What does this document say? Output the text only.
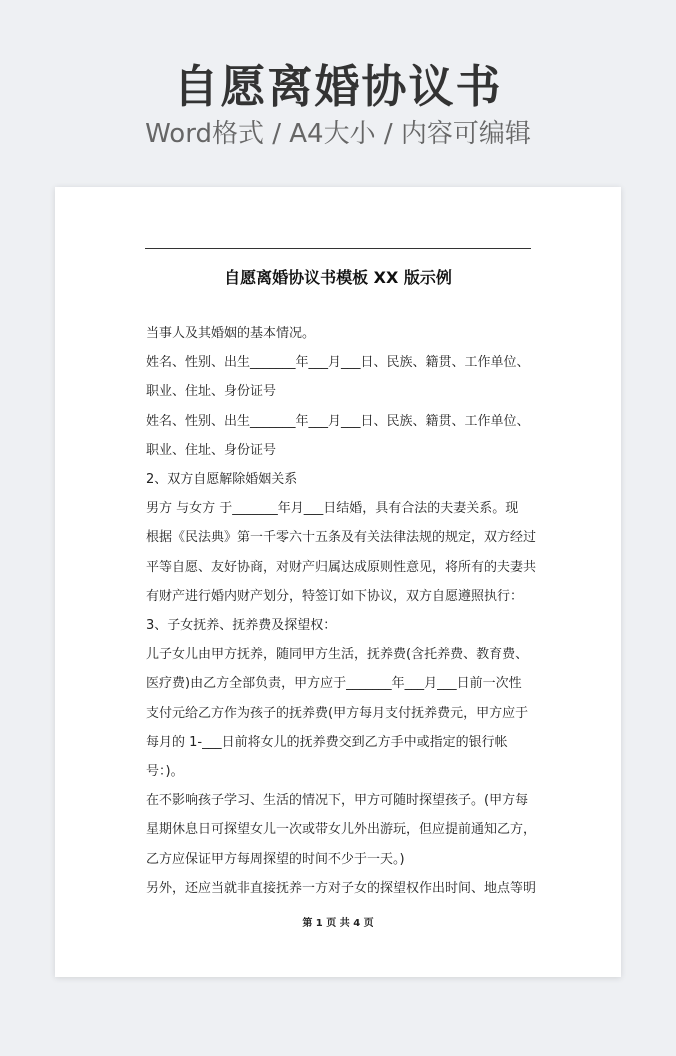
自愿离婚协议书
Word格式 / A4大小 / 内容可编辑
自愿离婚协议书模板 XX 版示例
当事人及其婚姻的基本情况。
姓名、性别、出生_______年___月___日、民族、籍贯、工作单位、
职业、住址、身份证号
姓名、性别、出生_______年___月___日、民族、籍贯、工作单位、
职业、住址、身份证号
2、双方自愿解除婚姻关系
男方 与女方 于_______年月___日结婚，具有合法的夫妻关系。现
根据《民法典》第一千零六十五条及有关法律法规的规定，双方经过
平等自愿、友好协商，对财产归属达成原则性意见，将所有的夫妻共
有财产进行婚内财产划分，特签订如下协议，双方自愿遵照执行：
3、子女抚养、抚养费及探望权：
儿子女儿由甲方抚养，随同甲方生活，抚养费(含托养费、教育费、
医疗费)由乙方全部负责，甲方应于_______年___月___日前一次性
支付元给乙方作为孩子的抚养费(甲方每月支付抚养费元，甲方应于
每月的 1-___日前将女儿的抚养费交到乙方手中或指定的银行帐
号：)。
在不影响孩子学习、生活的情况下，甲方可随时探望孩子。(甲方每
星期休息日可探望女儿一次或带女儿外出游玩，但应提前通知乙方，
乙方应保证甲方每周探望的时间不少于一天。)
另外，还应当就非直接抚养一方对子女的探望权作出时间、地点等明
第 1 页 共 4 页
